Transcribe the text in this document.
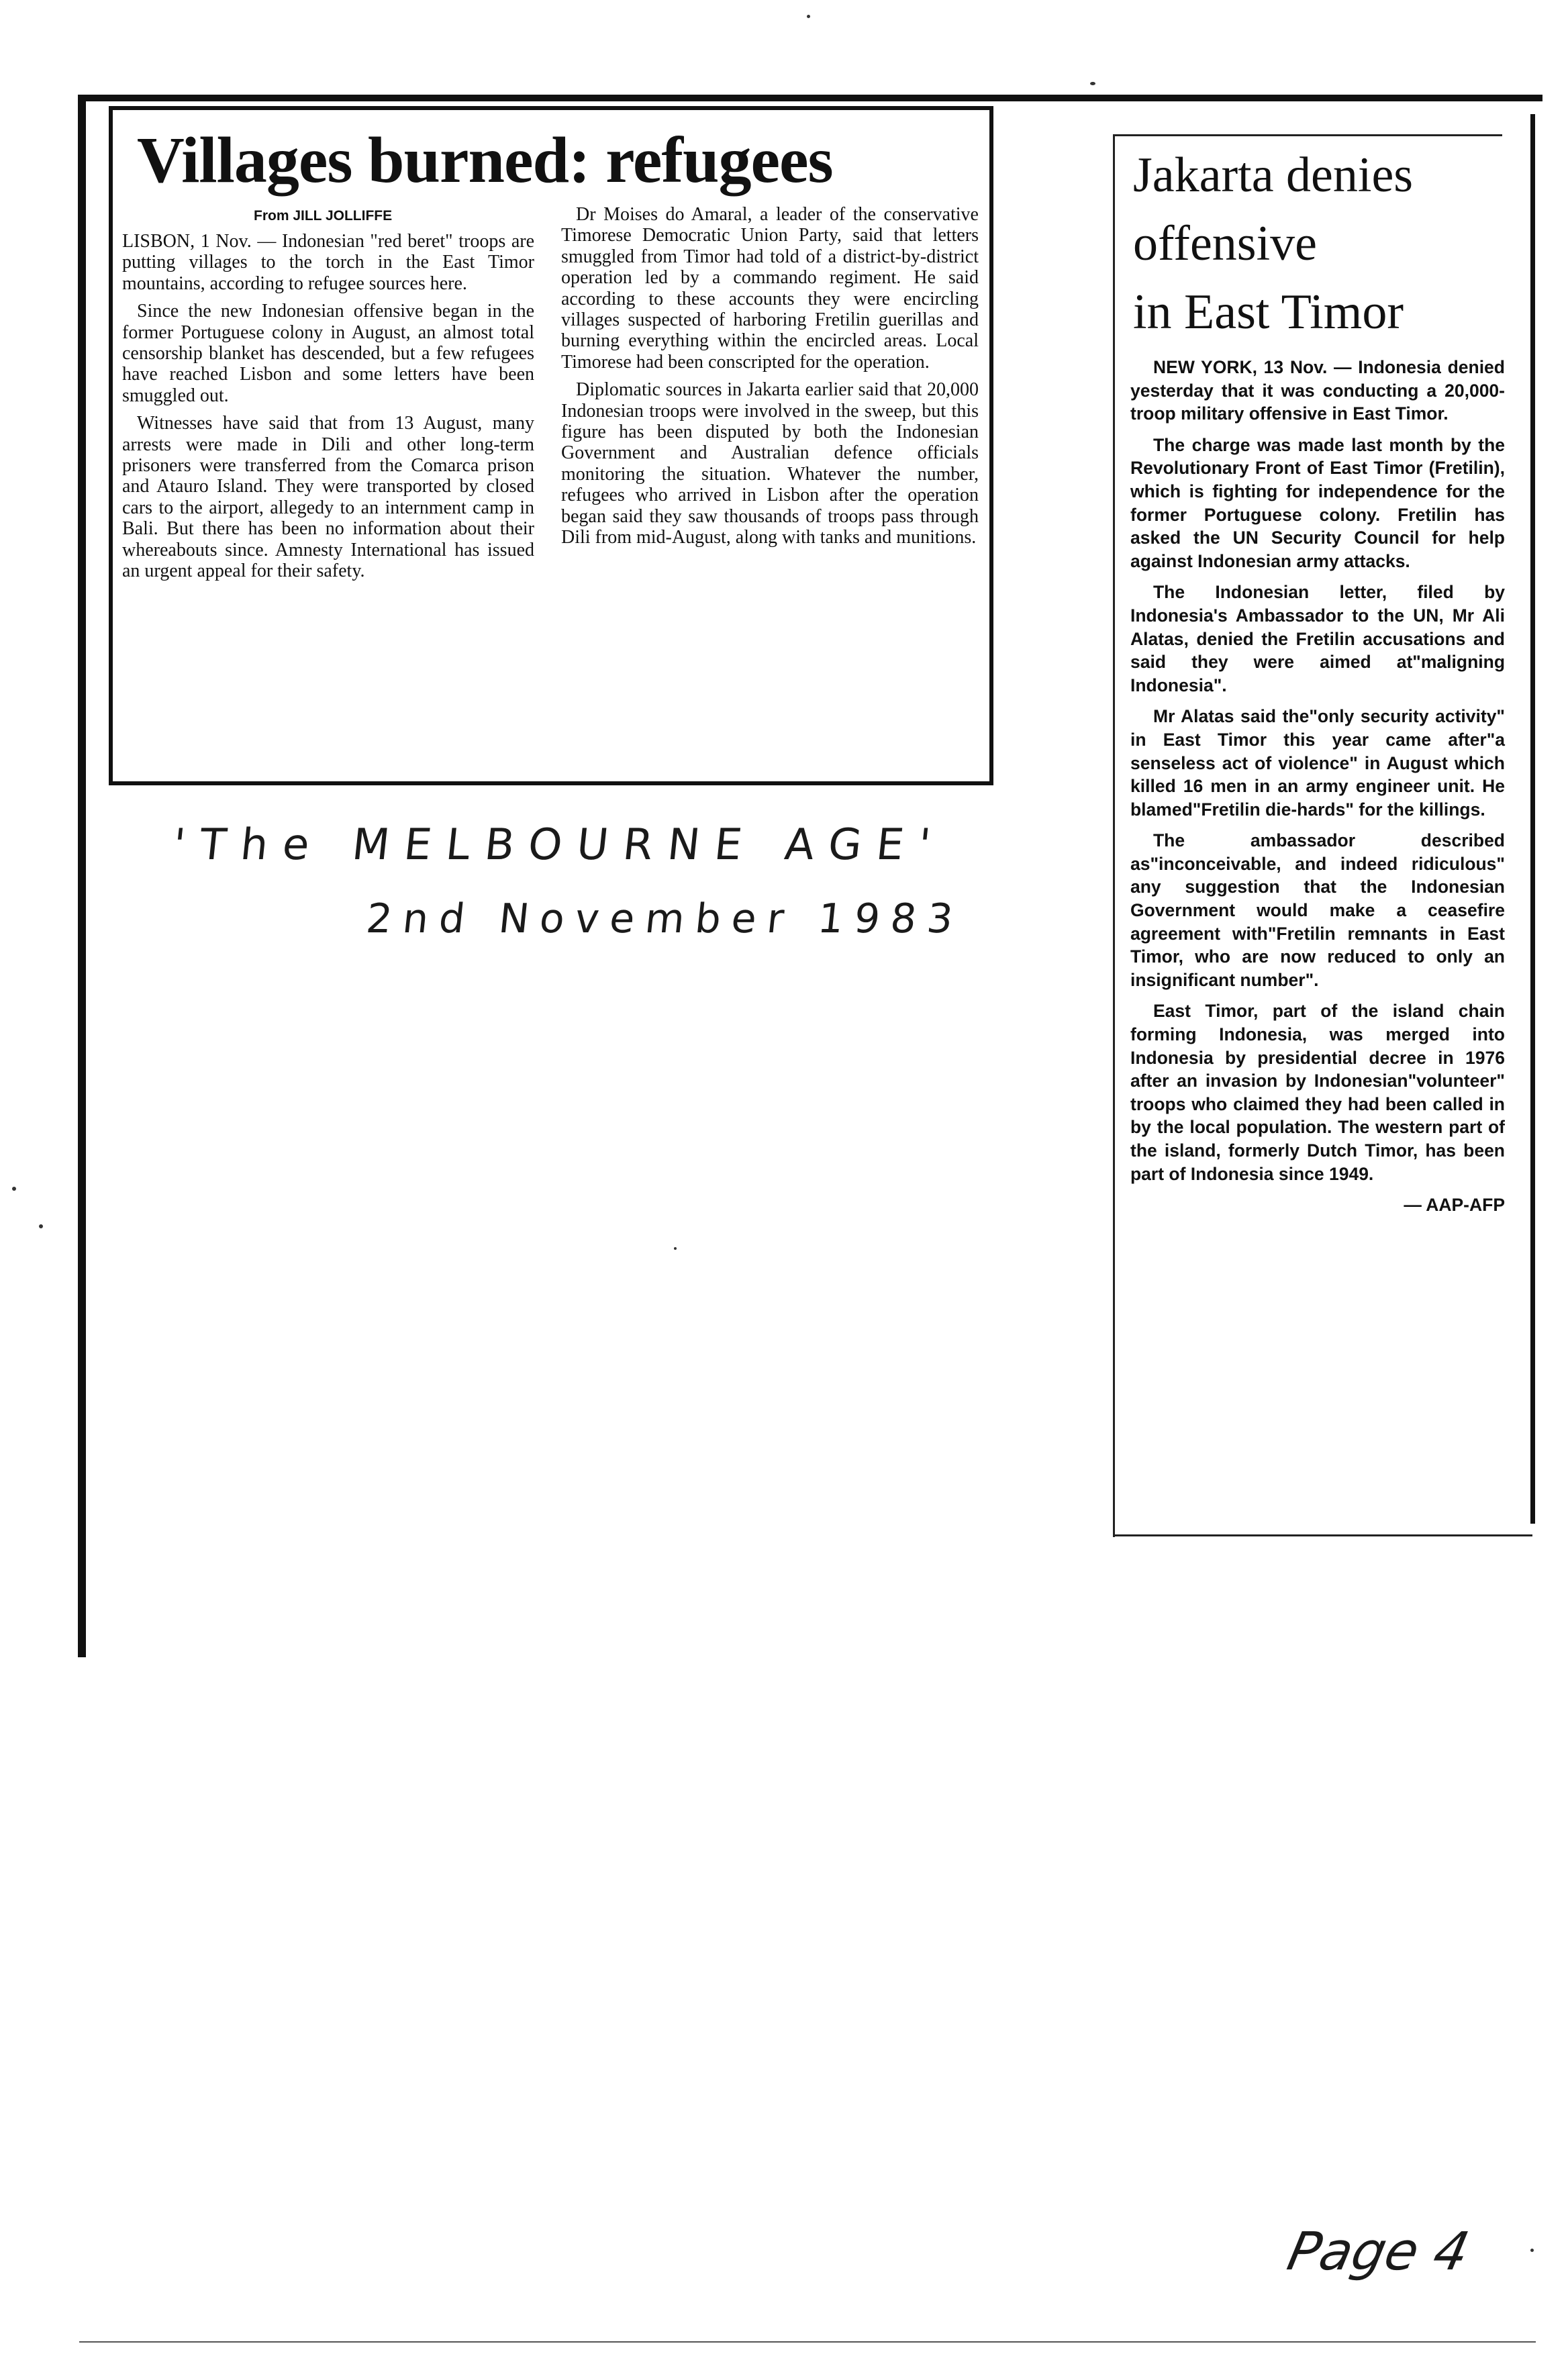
Villages burned: refugees
From JILL JOLLIFFE

LISBON, 1 Nov. — Indonesian "red beret" troops are putting villages to the torch in the East Timor mountains, according to refugee sources here.

Since the new Indonesian offensive began in the former Portuguese colony in August, an almost total censorship blanket has descended, but a few refugees have reached Lisbon and some letters have been smuggled out.

Witnesses have said that from 13 August, many arrests were made in Dili and other long-term prisoners were transferred from the Comarca prison and Atauro Island. They were transported by closed cars to the airport, allegedy to an internment camp in Bali. But there has been no information about their whereabouts since. Amnesty International has issued an urgent appeal for their safety.

Dr Moises do Amaral, a leader of the conservative Timorese Democratic Union Party, said that letters smuggled from Timor had told of a district-by-district operation led by a commando regiment. He said according to these accounts they were encircling villages suspected of harboring Fretilin guerillas and burning everything within the encircled areas. Local Timorese had been conscripted for the operation.

Diplomatic sources in Jakarta earlier said that 20,000 Indonesian troops were involved in the sweep, but this figure has been disputed by both the Indonesian Government and Australian defence officials monitoring the situation. Whatever the number, refugees who arrived in Lisbon after the operation began said they saw thousands of troops pass through Dili from mid-August, along with tanks and munitions.

'The MELBOURNE AGE'
2nd November 1983
Jakarta denies
offensive
in East Timor

NEW YORK, 13 Nov. — Indonesia denied yesterday that it was conducting a 20,000-troop military offensive in East Timor.

The charge was made last month by the Revolutionary Front of East Timor (Fretilin), which is fighting for independence for the former Portuguese colony. Fretilin has asked the UN Security Council for help against Indonesian army attacks.

The Indonesian letter, filed by Indonesia's Ambassador to the UN, Mr Ali Alatas, denied the Fretilin accusations and said they were aimed at"maligning Indonesia".

Mr Alatas said the"only security activity" in East Timor this year came after"a senseless act of violence" in August which killed 16 men in an army engineer unit. He blamed"Fretilin die-hards" for the killings.

The ambassador described as"inconceivable, and indeed ridiculous" any suggestion that the Indonesian Government would make a ceasefire agreement with"Fretilin remnants in East Timor, who are now reduced to only an insignificant number".

East Timor, part of the island chain forming Indonesia, was merged into Indonesia by presidential decree in 1976 after an invasion by Indonesian"volunteer" troops who claimed they had been called in by the local population. The western part of the island, formerly Dutch Timor, has been part of Indonesia since 1949.

— AAP-AFP

Page 4
